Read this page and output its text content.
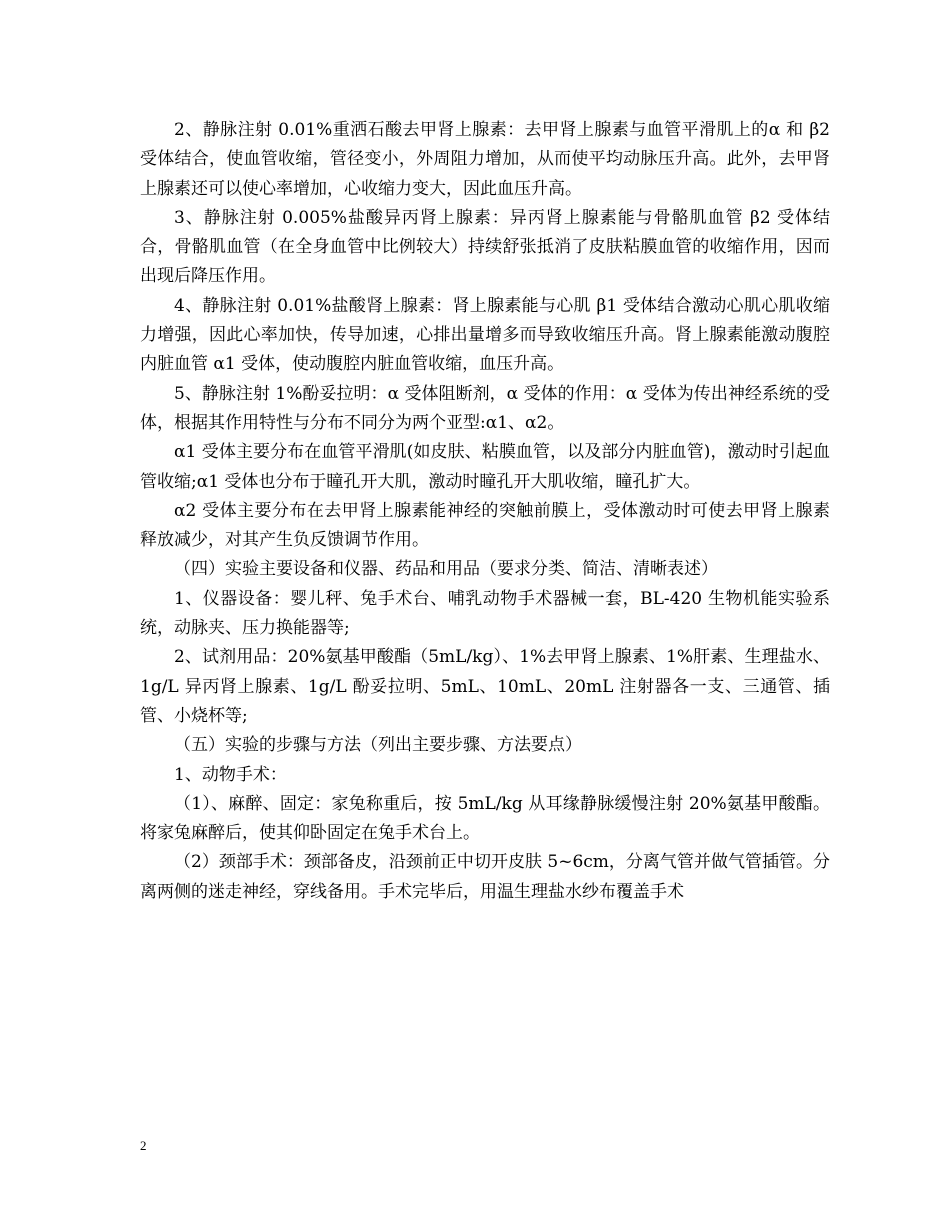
2、静脉注射 0.01%重洒石酸去甲肾上腺素：去甲肾上腺素与血管平滑肌上的α 和 β2 受体结合，使血管收缩，管径变小，外周阻力增加，从而使平均动脉压升高。此外，去甲肾上腺素还可以使心率增加，心收缩力变大，因此血压升高。

3、静脉注射 0.005%盐酸异丙肾上腺素：异丙肾上腺素能与骨骼肌血管 β2 受体结合，骨骼肌血管（在全身血管中比例较大）持续舒张抵消了皮肤粘膜血管的收缩作用，因而出现后降压作用。

4、静脉注射 0.01%盐酸肾上腺素：肾上腺素能与心肌 β1 受体结合激动心肌心肌收缩力增强，因此心率加快，传导加速，心排出量增多而导致收缩压升高。肾上腺素能激动腹腔内脏血管 α1 受体，使动腹腔内脏血管收缩，血压升高。

5、静脉注射 1%酚妥拉明：α 受体阻断剂，α 受体的作用：α 受体为传出神经系统的受体，根据其作用特性与分布不同分为两个亚型:α1、α2。

α1 受体主要分布在血管平滑肌(如皮肤、粘膜血管，以及部分内脏血管)，激动时引起血管收缩;α1 受体也分布于瞳孔开大肌，激动时瞳孔开大肌收缩，瞳孔扩大。

α2 受体主要分布在去甲肾上腺素能神经的突触前膜上，受体激动时可使去甲肾上腺素释放减少，对其产生负反馈调节作用。

（四）实验主要设备和仪器、药品和用品（要求分类、简洁、清晰表述）

1、仪器设备：婴儿秤、兔手术台、哺乳动物手术器械一套，BL-420 生物机能实验系统，动脉夹、压力换能器等;

2、试剂用品：20%氨基甲酸酯（5mL/kg）、1%去甲肾上腺素、1%肝素、生理盐水、1g/L 异丙肾上腺素、1g/L 酚妥拉明、5mL、10mL、20mL 注射器各一支、三通管、插管、小烧杯等;

（五）实验的步骤与方法（列出主要步骤、方法要点）

1、动物手术：

（1）、麻醉、固定：家兔称重后，按 5mL/kg 从耳缘静脉缓慢注射 20%氨基甲酸酯。将家兔麻醉后，使其仰卧固定在兔手术台上。

（2）颈部手术：颈部备皮，沿颈前正中切开皮肤 5~6cm，分离气管并做气管插管。分离两侧的迷走神经，穿线备用。手术完毕后，用温生理盐水纱布覆盖手术

2
